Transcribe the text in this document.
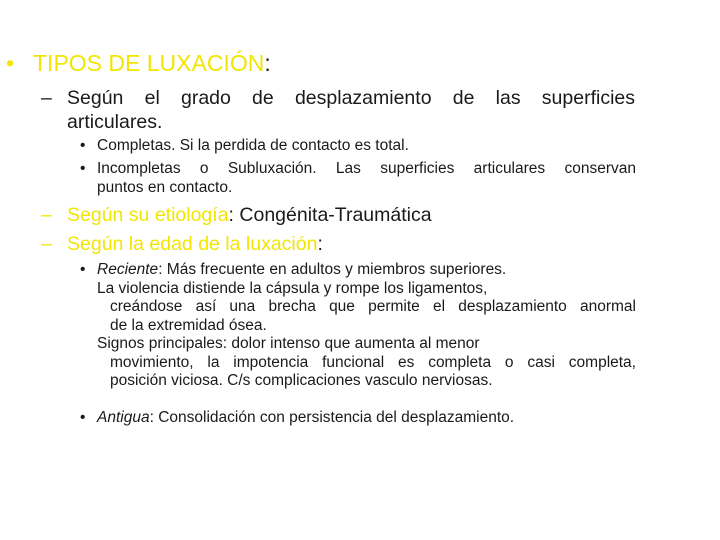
• TIPOS DE LUXACIÓN:
– Según el grado de desplazamiento de las superficies
articulares.
• Completas. Si la perdida de contacto es total.
• Incompletas o Subluxación. Las superficies articulares conservan
puntos en contacto.
– Según su etiología: Congénita-Traumática
– Según la edad de la luxación:
• Reciente: Más frecuente en adultos y miembros superiores.
La violencia distiende la cápsula y rompe los ligamentos,
creándose así una brecha que permite el desplazamiento anormal
de la extremidad ósea.
Signos principales: dolor intenso que aumenta al menor
movimiento, la impotencia funcional es completa o casi completa,
posición viciosa. C/s complicaciones vasculo nerviosas.
• Antigua: Consolidación con persistencia del desplazamiento.
